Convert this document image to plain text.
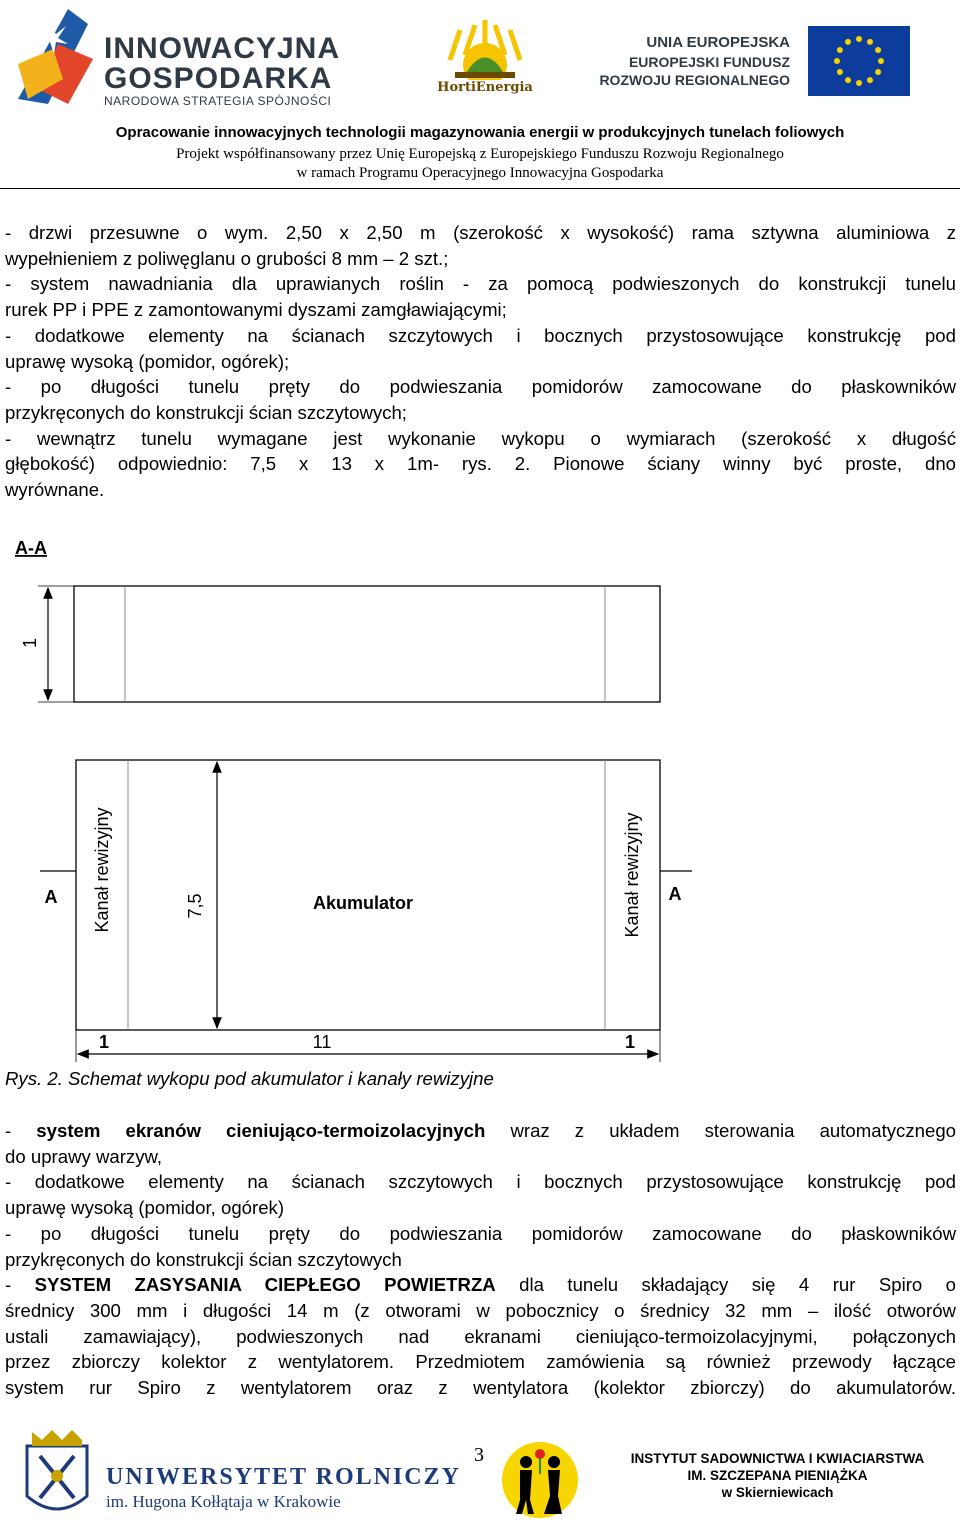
INNOWACYJNA
GOSPODARKA
NARODOWA STRATEGIA SPÓJNOŚCI
HortiEnergia
UNIA EUROPEJSKA
EUROPEJSKI FUNDUSZ
ROZWOJU REGIONALNEGO
Opracowanie innowacyjnych technologii magazynowania energii w produkcyjnych tunelach foliowych
Projekt współfinansowany przez Unię Europejską z Europejskiego Funduszu Rozwoju Regionalnego
w ramach Programu Operacyjnego Innowacyjna Gospodarka
- drzwi przesuwne o wym. 2,50 x 2,50 m (szerokość x wysokość) rama sztywna aluminiowa z
wypełnieniem z poliwęglanu o grubości 8 mm – 2 szt.;
- system nawadniania dla uprawianych roślin - za pomocą podwieszonych do konstrukcji tunelu
rurek PP i PPE z zamontowanymi dyszami zamgławiającymi;
- dodatkowe elementy na ścianach szczytowych i bocznych przystosowujące konstrukcję pod
uprawę wysoką (pomidor, ogórek);
- po długości tunelu pręty do podwieszania pomidorów zamocowane do płaskowników
przykręconych do konstrukcji ścian szczytowych;
- wewnątrz tunelu wymagane jest wykonanie wykopu o wymiarach (szerokość x długość
głębokość) odpowiednio: 7,5 x 13 x 1m- rys. 2. Pionowe ściany winny być proste, dno
wyrównane.
A-A
1
7,5	Akumulator
Kanał rewizyjny	Kanał rewizyjny
A	A
1	11	1
Rys. 2. Schemat wykopu pod akumulator i kanały rewizyjne
- system ekranów cieniująco-termoizolacyjnych wraz z układem sterowania automatycznego
do uprawy warzyw,
- dodatkowe elementy na ścianach szczytowych i bocznych przystosowujące konstrukcję pod
uprawę wysoką (pomidor, ogórek)
- po długości tunelu pręty do podwieszania pomidorów zamocowane do płaskowników
przykręconych do konstrukcji ścian szczytowych
- SYSTEM ZASYSANIA CIEPŁEGO POWIETRZA dla tunelu składający się 4 rur Spiro o
średnicy 300 mm i długości 14 m (z otworami w pobocznicy o średnicy 32 mm – ilość otworów
ustali zamawiający), podwieszonych nad ekranami cieniująco-termoizolacyjnymi, połączonych
przez zbiorczy kolektor z wentylatorem. Przedmiotem zamówienia są również przewody łączące
system rur Spiro z wentylatorem oraz z wentylatora (kolektor zbiorczy) do akumulatorów.
UNIWERSYTET ROLNICZY
im. Hugona Kołłątaja w Krakowie
3	INSTYTUT SADOWNICTWA I KWIACIARSTWA
IM. SZCZEPANA PIENIĄŻKA
w Skierniewicach
